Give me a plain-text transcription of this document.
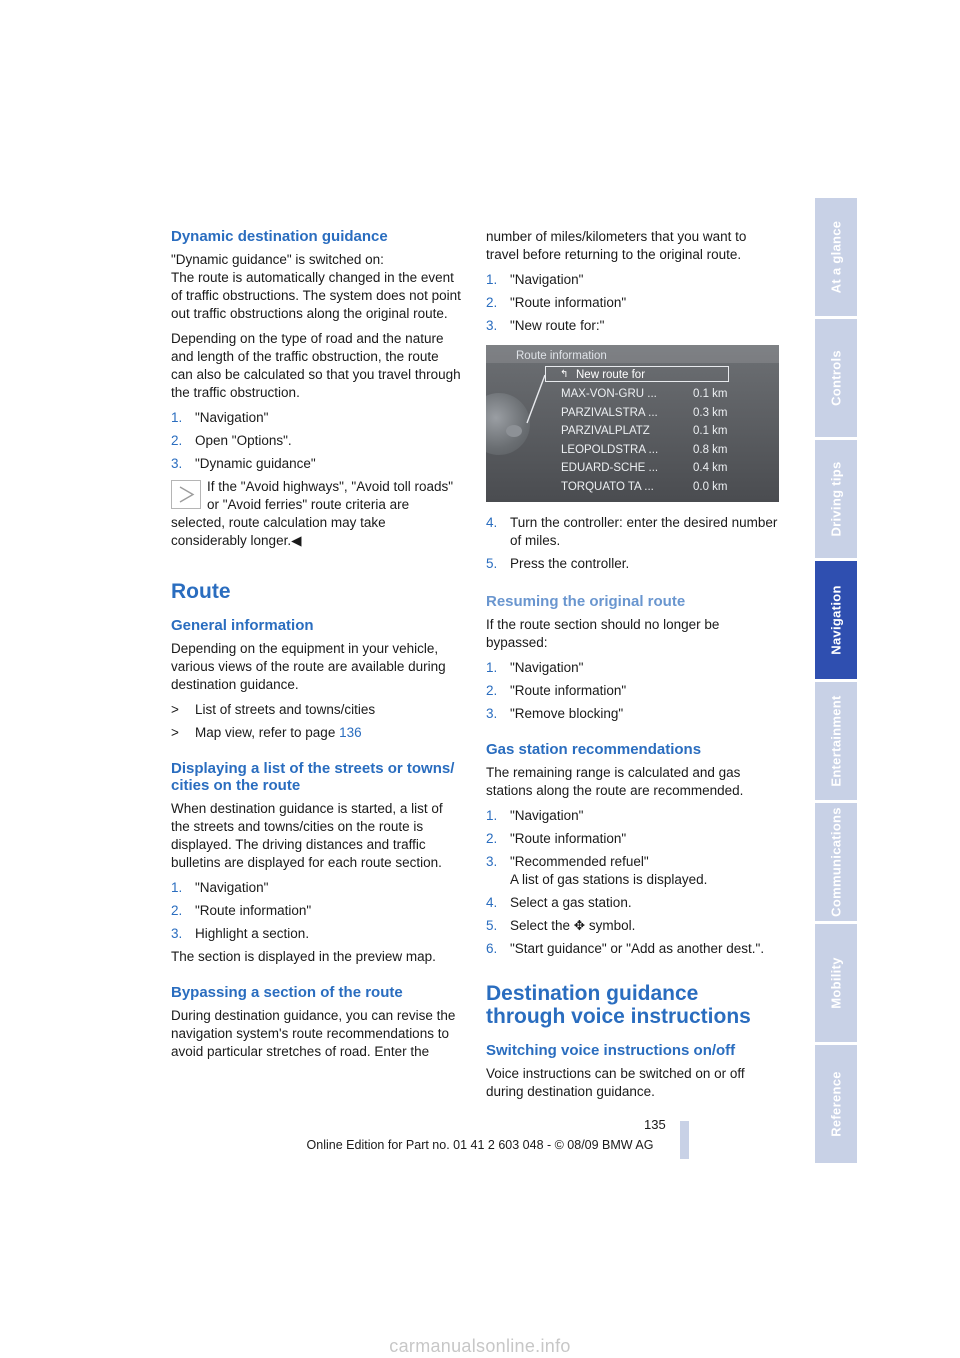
Dynamic destination guidance

"Dynamic guidance" is switched on:
The route is automatically changed in the event of traffic obstructions. The system does not point out traffic obstructions along the original route.

Depending on the type of road and the nature and length of the traffic obstruction, the route can also be calculated so that you travel through the traffic obstruction.

1. "Navigation"
2. Open "Options".
3. "Dynamic guidance"
If the "Avoid highways", "Avoid toll roads" or "Avoid ferries" route criteria are selected, route calculation may take considerably longer.◀
Route
General information

Depending on the equipment in your vehicle, various views of the route are available during destination guidance.

> List of streets and towns/cities
> Map view, refer to page 136
Displaying a list of the streets or towns/ cities on the route

When destination guidance is started, a list of the streets and towns/cities on the route is displayed. The driving distances and traffic bulletins are displayed for each route section.

1. "Navigation"
2. "Route information"
3. Highlight a section.

The section is displayed in the preview map.

Bypassing a section of the route

During destination guidance, you can revise the navigation system's route recommendations to avoid particular stretches of road. Enter the

number of miles/kilometers that you want to travel before returning to the original route.

1. "Navigation"
2. "Route information"
3. "New route for:"
Route information
↰ New route for
MAX-VON-GRU ...	0.1 km
PARZIVALSTRA ...	0.3 km
PARZIVALPLATZ	0.1 km
LEOPOLDSTRA ...	0.8 km
EDUARD-SCHE ...	0.4 km
TORQUATO TA ...	0.0 km
4. Turn the controller: enter the desired number of miles.
5. Press the controller.
Resuming the original route

If the route section should no longer be bypassed:

1. "Navigation"
2. "Route information"
3. "Remove blocking"
Gas station recommendations

The remaining range is calculated and gas stations along the route are recommended.

1. "Navigation"
2. "Route information"
3. "Recommended refuel"
A list of gas stations is displayed.
4. Select a gas station.
5. Select the ✥ symbol.
6. "Start guidance" or "Add as another dest.".
Destination guidance through voice instructions
Switching voice instructions on/off

Voice instructions can be switched on or off during destination guidance.

At a glance
Controls
Driving tips
Navigation
Entertainment
Communications
Mobility
Reference
135
Online Edition for Part no. 01 41 2 603 048 - © 08/09 BMW AG
carmanualsonline.info
